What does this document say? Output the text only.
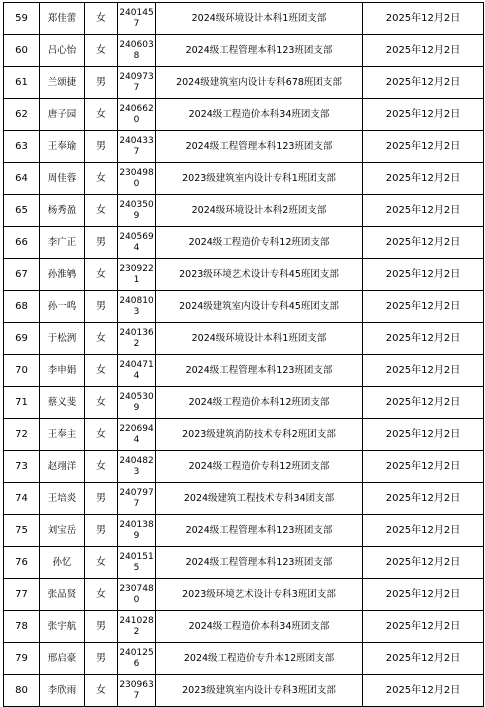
59	郑佳蕾	女	2401457	2024级环境设计本科1班团支部	2025年12月2日
60	吕心怡	女	2406038	2024级工程管理本科123班团支部	2025年12月2日
61	兰颂捷	男	2409737	2024级建筑室内设计专科678班团支部	2025年12月2日
62	唐子园	女	2406620	2024级工程造价本科34班团支部	2025年12月2日
63	王奉瑜	男	2404337	2024级工程管理本科123班团支部	2025年12月2日
64	周佳蓉	女	2304980	2023级建筑室内设计专科1班团支部	2025年12月2日
65	杨秀盈	女	2403509	2024级环境设计本科2班团支部	2025年12月2日
66	李广正	男	2405694	2024级工程造价专科12班团支部	2025年12月2日
67	孙淮鸲	女	2309221	2023级环境艺术设计专科45班团支部	2025年12月2日
68	孙一鸣	男	2408103	2024级建筑室内设计专科45班团支部	2025年12月2日
69	于松洌	女	2401362	2024级环境设计本科1班团支部	2025年12月2日
70	李申娟	女	2404714	2024级工程管理本科123班团支部	2025年12月2日
71	蔡义斐	女	2405309	2024级工程造价本科12班团支部	2025年12月2日
72	王奉主	女	2206944	2023级建筑消防技术专科2班团支部	2025年12月2日
73	赵翊洋	女	2404823	2024级工程造价专科12班团支部	2025年12月2日
74	王培炎	男	2407977	2024级建筑工程技术专科34团支部	2025年12月2日
75	刘宝岳	男	2401389	2024级工程管理本科123班团支部	2025年12月2日
76	孙忆	女	2401515	2024级工程管理本科123班团支部	2025年12月2日
77	张品贤	女	2307480	2023级环境艺术设计专科3班团支部	2025年12月2日
78	张宇航	男	2410282	2024级工程造价本科34班团支部	2025年12月2日
79	邢启豪	男	2401256	2024级工程造价专升本12班团支部	2025年12月2日
80	李欣雨	女	2309637	2023级建筑室内设计专科3班团支部	2025年12月2日
